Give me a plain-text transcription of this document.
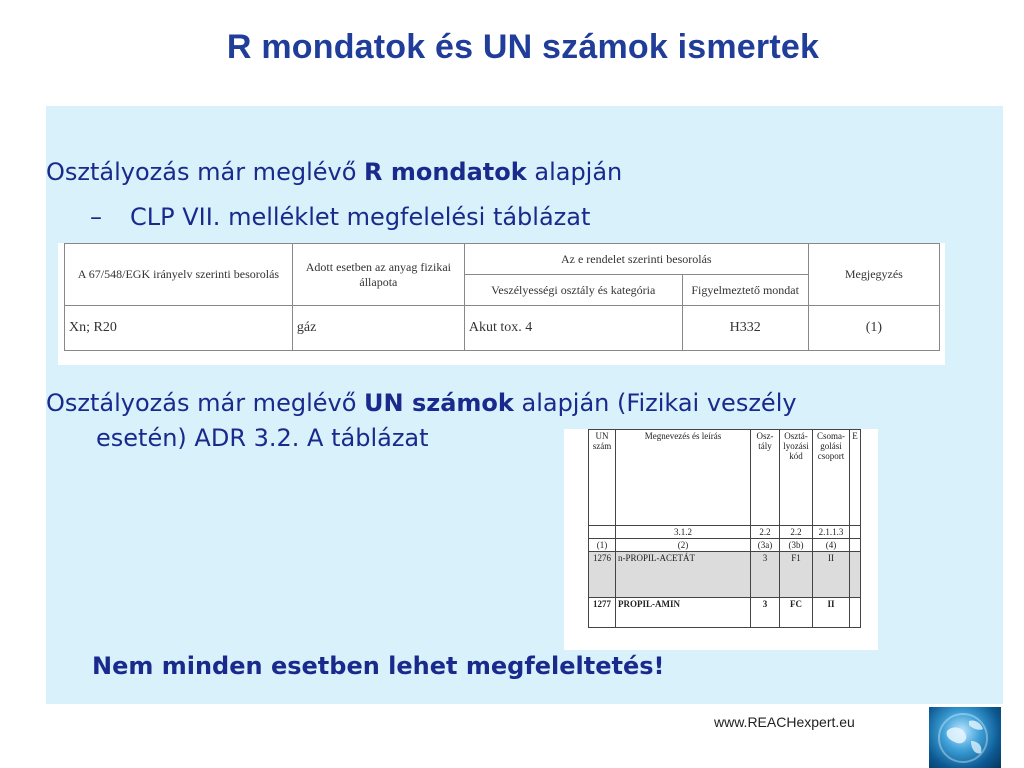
R mondatok és UN számok ismertek
Osztályozás már meglévő R mondatok alapján
– CLP VII. melléklet megfelelési táblázat
A 67/548/EGK irányelv szerinti besorolás	Adott esetben az anyag fizikai állapota	Az e rendelet szerinti besorolás		Megjegyzés
		Veszélyességi osztály és kategória	Figyelmeztető mondat	
Xn; R20	gáz	Akut tox. 4	H332	(1)
Osztályozás már meglévő UN számok alapján (Fizikai veszély
esetén) ADR 3.2. A táblázat	UN szám	Megnevezés és leírás	Osz-tály	Osztá-lyozási kód	Csoma-golási csoport	E
	3.1.2	2.2	2.2	2.1.1.3	
(1)	(2)	(3a)	(3b)	(4)	
1276	n-PROPIL-ACETÁT	3	F1	II	
1277	PROPIL-AMIN	3	FC	II	
Nem minden esetben lehet megfeleltetés!
www.REACHexpert.eu
